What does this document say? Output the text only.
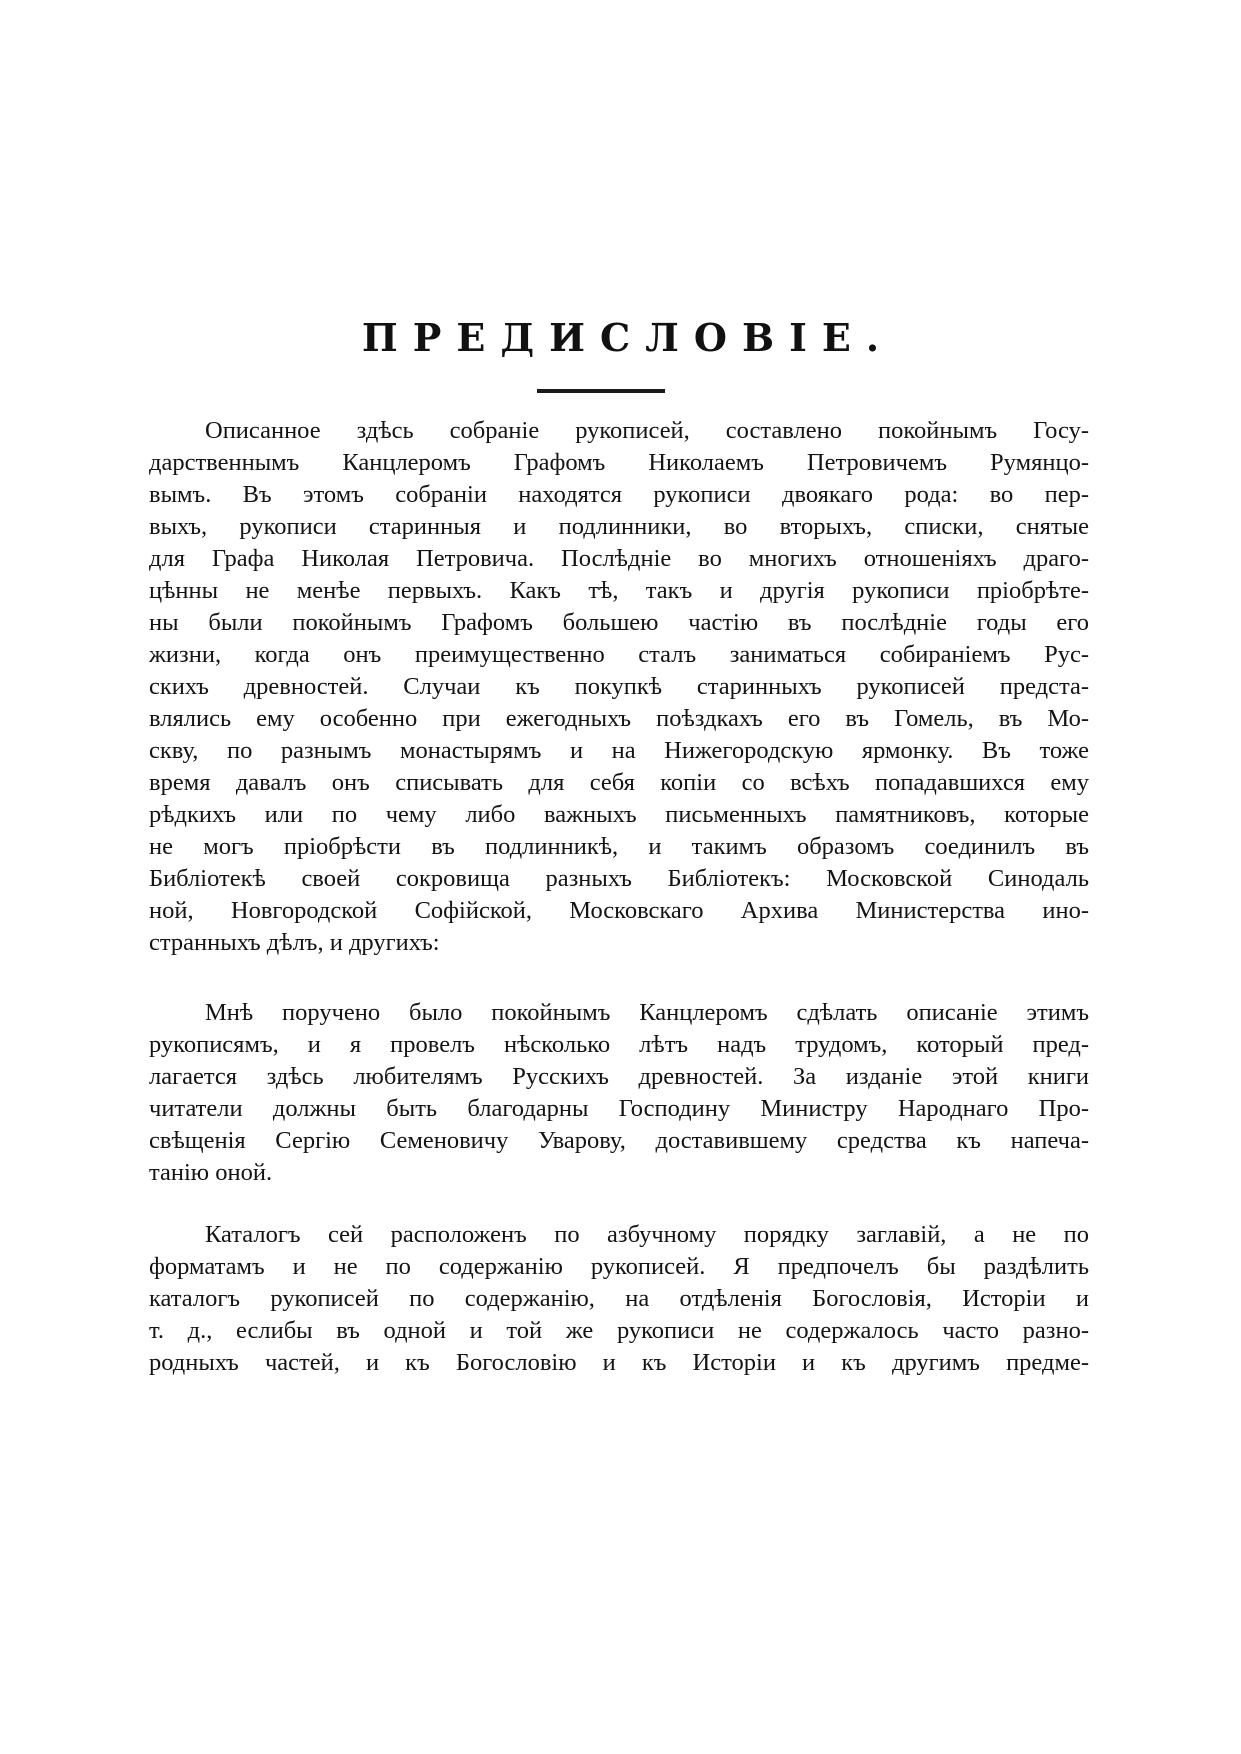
ПРЕДИСЛОВІЕ.
Описанное здѣсь собраніе рукописей, составлено покойнымъ Госу-
дарственнымъ Канцлеромъ Графомъ Николаемъ Петровичемъ Румянцо-
вымъ. Въ этомъ собраніи находятся рукописи двоякаго рода: во пер-
выхъ, рукописи старинныя и подлинники, во вторыхъ, списки, снятые
для Графа Николая Петровича. Послѣдніе во многихъ отношеніяхъ драго-
цѣнны не менѣе первыхъ. Какъ тѣ, такъ и другія рукописи пріобрѣте-
ны были покойнымъ Графомъ большею частію въ послѣдніе годы его
жизни, когда онъ преимущественно сталъ заниматься собираніемъ Рус-
скихъ древностей. Случаи къ покупкѣ старинныхъ рукописей предста-
влялись ему особенно при ежегодныхъ поѣздкахъ его въ Гомель, въ Мо-
скву, по разнымъ монастырямъ и на Нижегородскую ярмонку. Въ тоже
время давалъ онъ списывать для себя копіи со всѣхъ попадавшихся ему
рѣдкихъ или по чему либо важныхъ письменныхъ памятниковъ, которые
не могъ пріобрѣсти въ подлинникѣ, и такимъ образомъ соединилъ въ
Библіотекѣ своей сокровища разныхъ Библіотекъ: Московской Синодаль
ной, Новгородской Софійской, Московскаго Архива Министерства ино-
странныхъ дѣлъ, и другихъ:
Мнѣ поручено было покойнымъ Канцлеромъ сдѣлать описаніе этимъ
рукописямъ, и я провелъ нѣсколько лѣтъ надъ трудомъ, который пред-
лагается здѣсь любителямъ Русскихъ древностей. За изданіе этой книги
читатели должны быть благодарны Господину Министру Народнаго Про-
свѣщенія Сергію Семеновичу Уварову, доставившему средства къ напеча-
танію оной.
Каталогъ сей расположенъ по азбучному порядку заглавій, а не по
форматамъ и не по содержанію рукописей. Я предпочелъ бы раздѣлить
каталогъ рукописей по содержанію, на отдѣленія Богословія, Исторіи и
т. д., еслибы въ одной и той же рукописи не содержалось часто разно-
родныхъ частей, и къ Богословію и къ Исторіи и къ другимъ предме-
